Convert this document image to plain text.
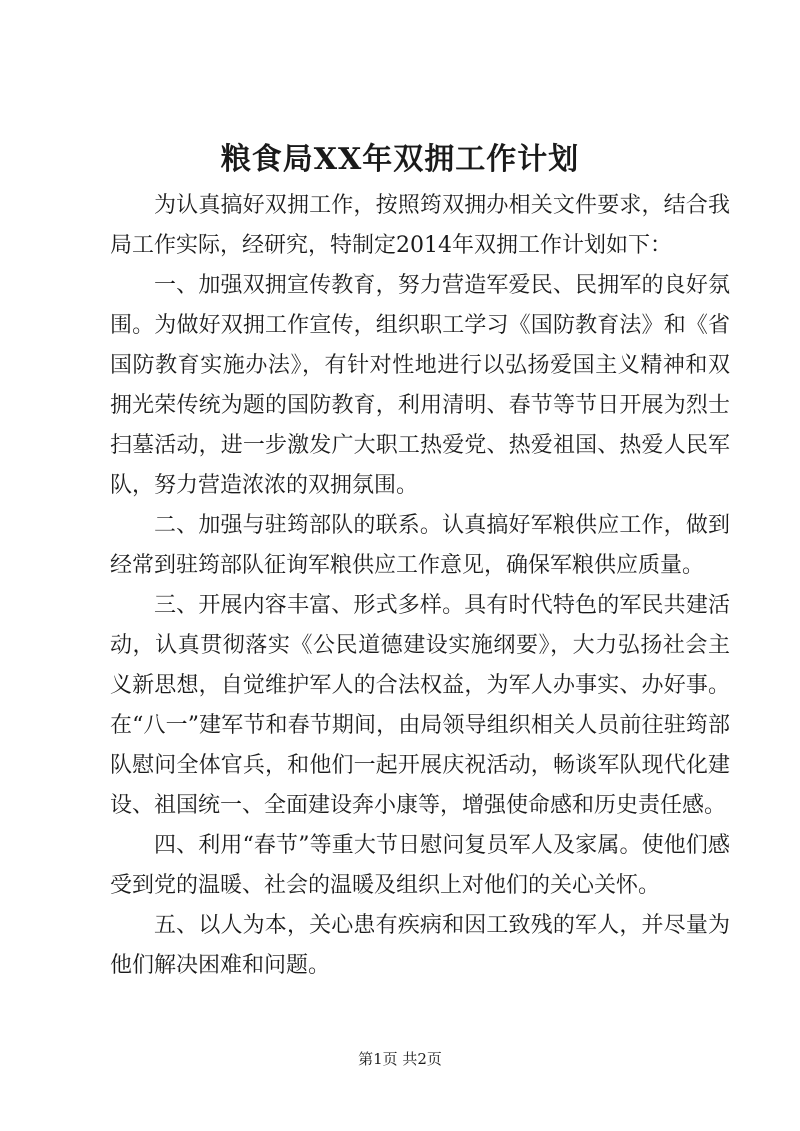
粮食局XX年双拥工作计划

为认真搞好双拥工作，按照筠双拥办相关文件要求，结合我局工作实际，经研究，特制定2014年双拥工作计划如下：

一、加强双拥宣传教育，努力营造军爱民、民拥军的良好氛围。为做好双拥工作宣传，组织职工学习《国防教育法》和《省国防教育实施办法》，有针对性地进行以弘扬爱国主义精神和双拥光荣传统为题的国防教育，利用清明、春节等节日开展为烈士扫墓活动，进一步激发广大职工热爱党、热爱祖国、热爱人民军队，努力营造浓浓的双拥氛围。

二、加强与驻筠部队的联系。认真搞好军粮供应工作，做到经常到驻筠部队征询军粮供应工作意见，确保军粮供应质量。

三、开展内容丰富、形式多样。具有时代特色的军民共建活动，认真贯彻落实《公民道德建设实施纲要》，大力弘扬社会主义新思想，自觉维护军人的合法权益，为军人办事实、办好事。在“八一”建军节和春节期间，由局领导组织相关人员前往驻筠部队慰问全体官兵，和他们一起开展庆祝活动，畅谈军队现代化建设、祖国统一、全面建设奔小康等，增强使命感和历史责任感。

四、利用“春节”等重大节日慰问复员军人及家属。使他们感受到党的温暖、社会的温暖及组织上对他们的关心关怀。

五、以人为本，关心患有疾病和因工致残的军人，并尽量为他们解决困难和问题。

第1页 共2页
